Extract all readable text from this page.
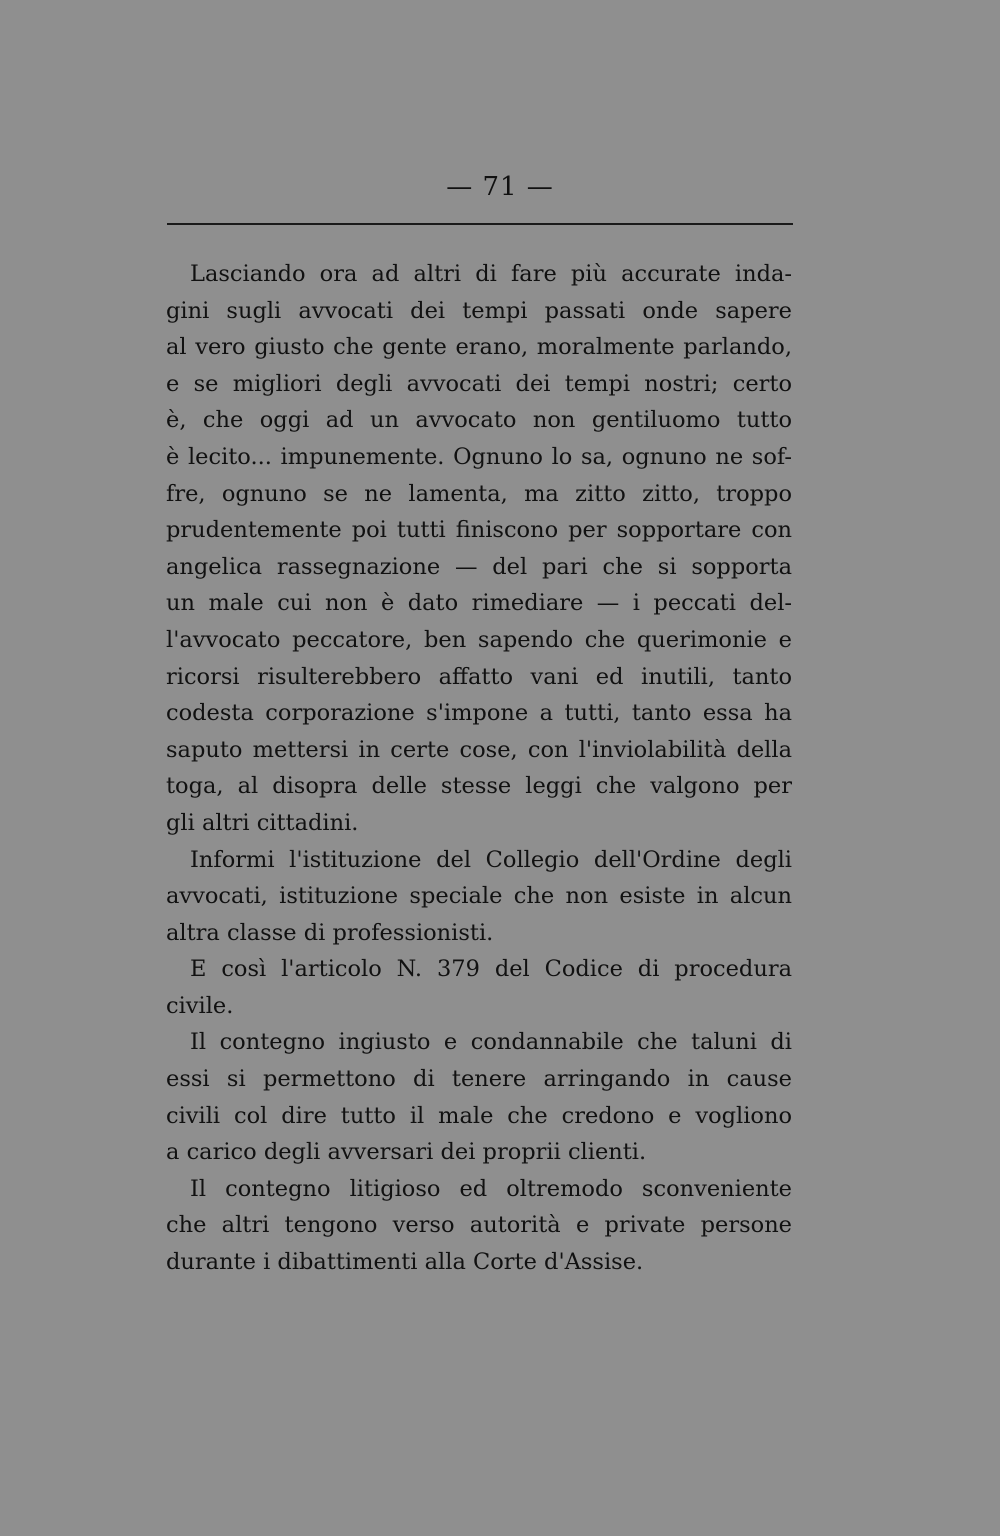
— 71 —
Lasciando ora ad altri di fare più accurate inda-
gini sugli avvocati dei tempi passati onde sapere
al vero giusto che gente erano, moralmente parlando,
e se migliori degli avvocati dei tempi nostri; certo
è, che oggi ad un avvocato non gentiluomo tutto
è lecito... impunemente. Ognuno lo sa, ognuno ne sof-
fre, ognuno se ne lamenta, ma zitto zitto, troppo
prudentemente poi tutti finiscono per sopportare con
angelica rassegnazione — del pari che si sopporta
un male cui non è dato rimediare — i peccati del-
l'avvocato peccatore, ben sapendo che querimonie e
ricorsi risulterebbero affatto vani ed inutili, tanto
codesta corporazione s'impone a tutti, tanto essa ha
saputo mettersi in certe cose, con l'inviolabilità della
toga, al disopra delle stesse leggi che valgono per
gli altri cittadini.
Informi l'istituzione del Collegio dell'Ordine degli
avvocati, istituzione speciale che non esiste in alcun
altra classe di professionisti.
E così l'articolo N. 379 del Codice di procedura
civile.
Il contegno ingiusto e condannabile che taluni di
essi si permettono di tenere arringando in cause
civili col dire tutto il male che credono e vogliono
a carico degli avversari dei proprii clienti.
Il contegno litigioso ed oltremodo sconveniente
che altri tengono verso autorità e private persone
durante i dibattimenti alla Corte d'Assise.
